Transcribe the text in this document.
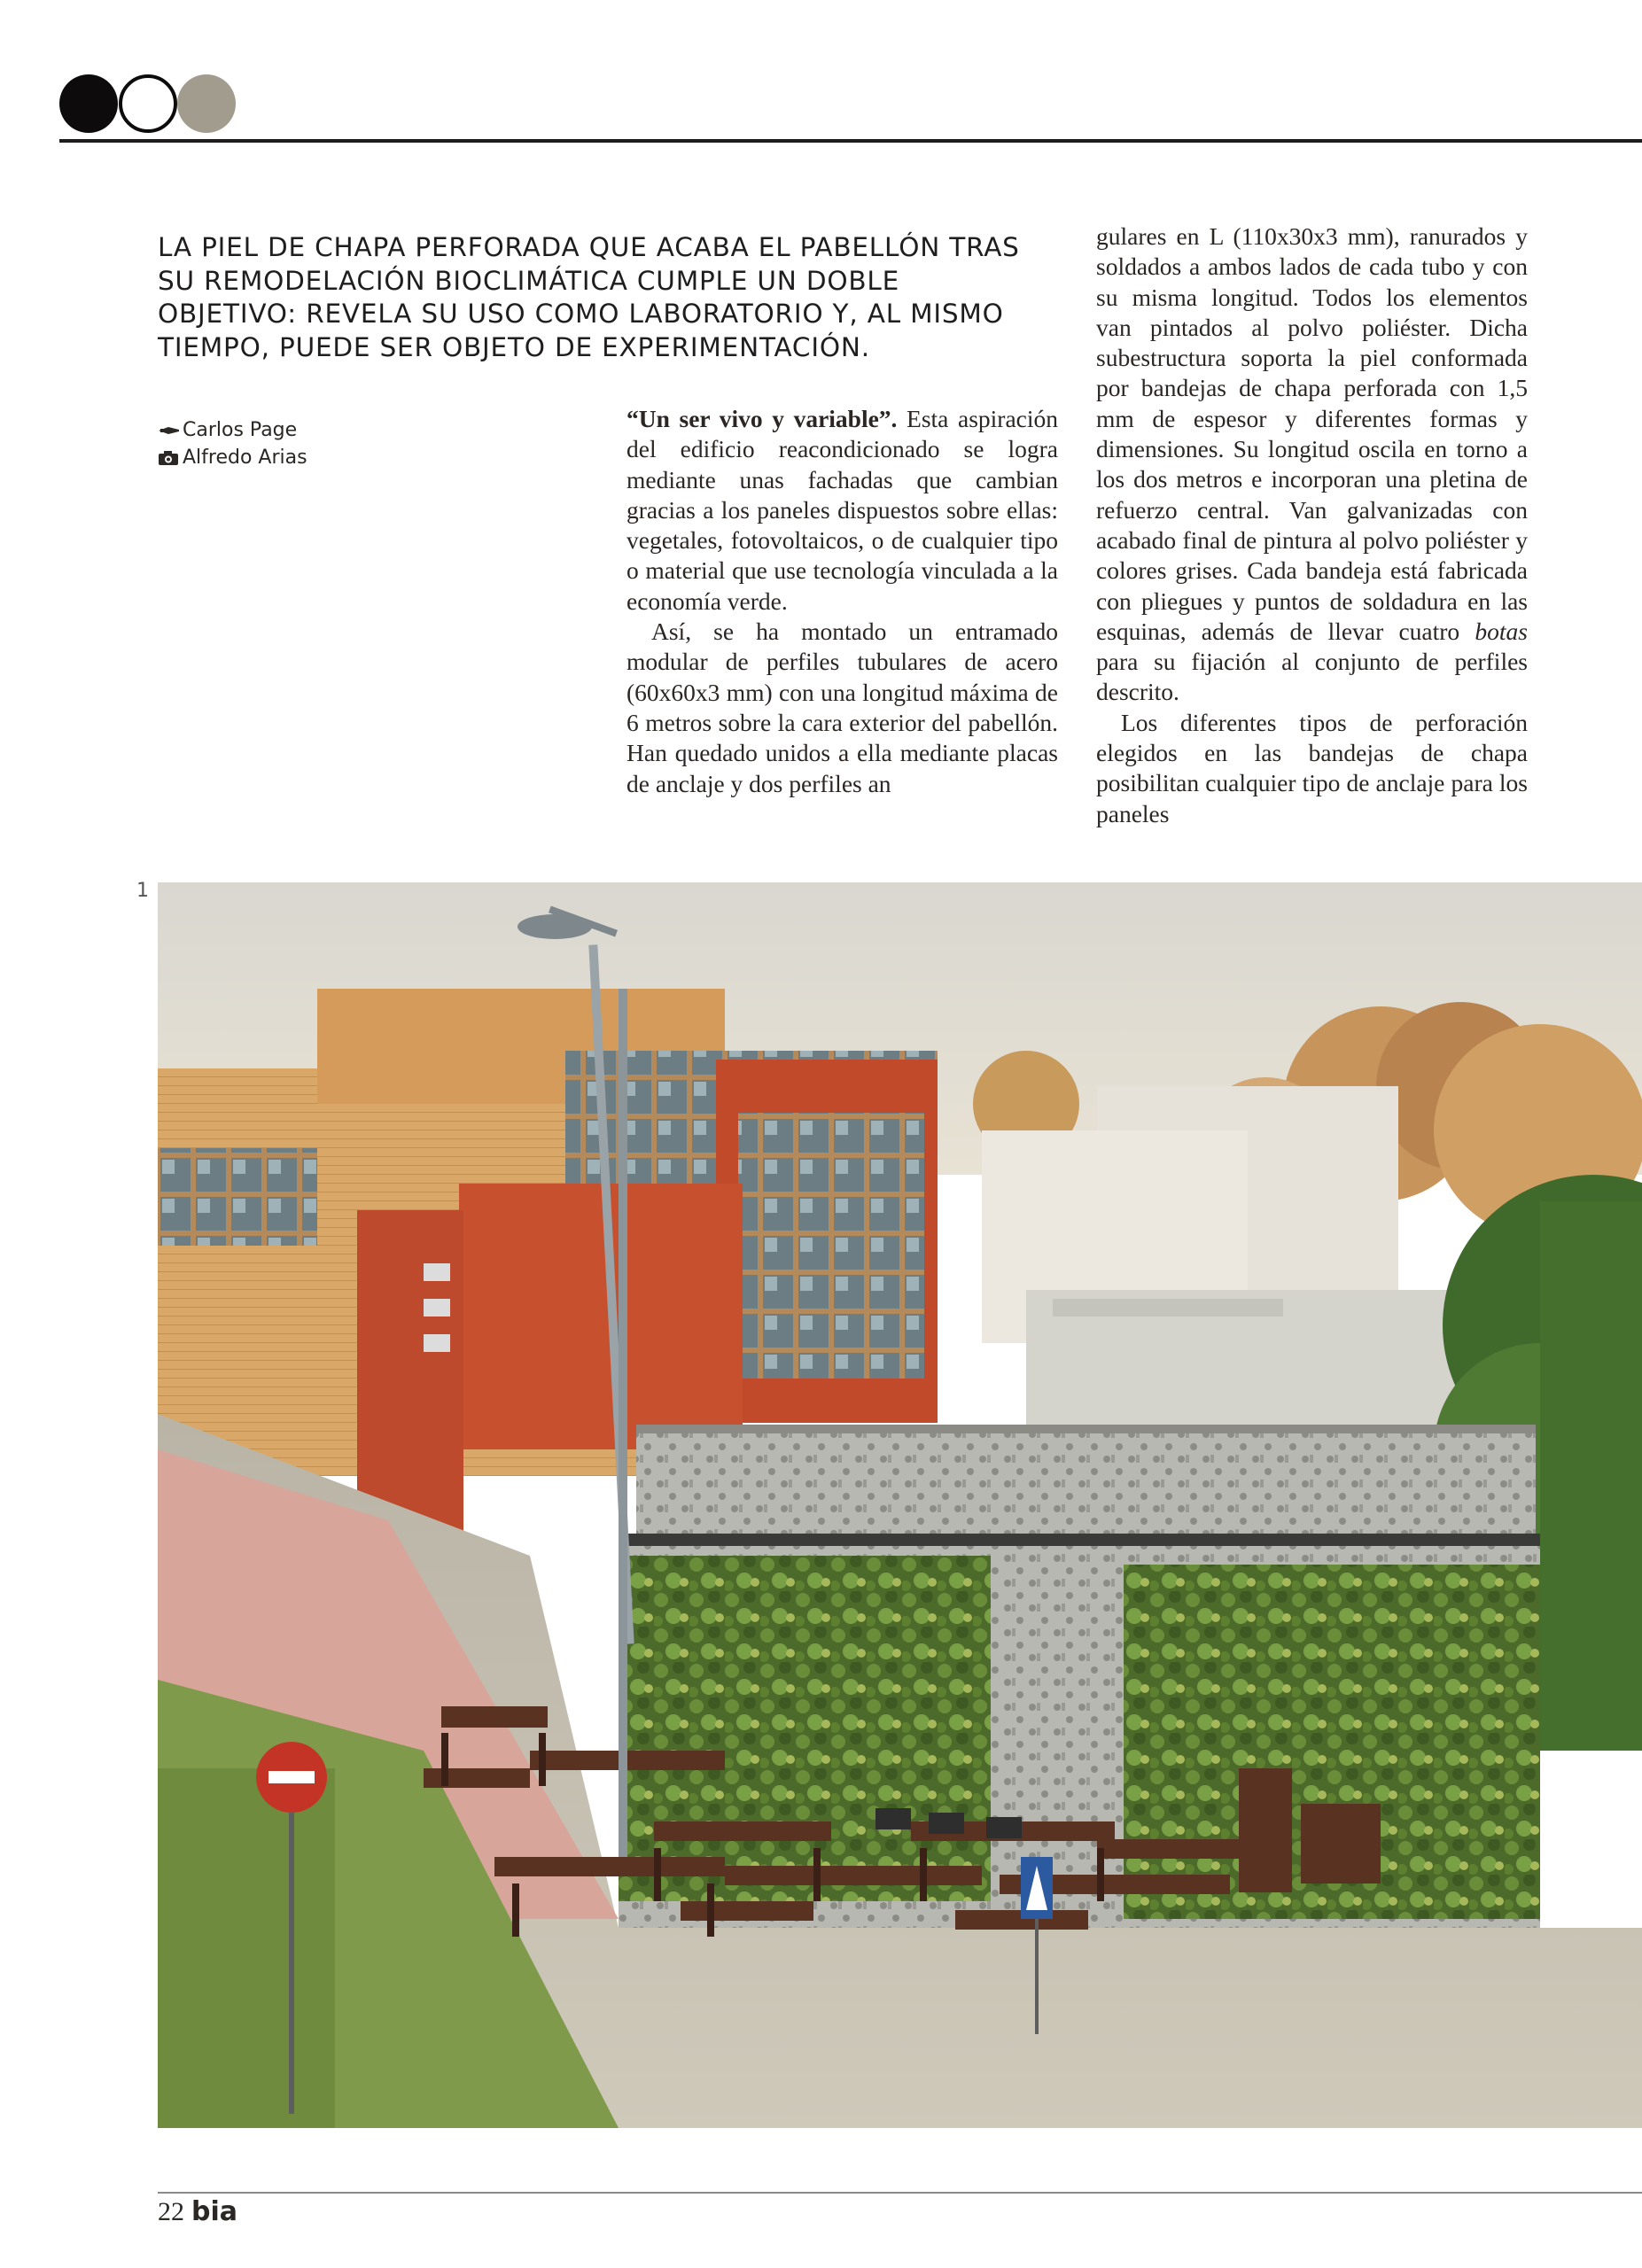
LA PIEL DE CHAPA PERFORADA QUE ACABA EL PABELLÓN TRAS SU REMODELACIÓN BIOCLIMÁTICA CUMPLE UN DOBLE OBJETIVO: REVELA SU USO COMO LABORATORIO Y, AL MISMO TIEMPO, PUEDE SER OBJETO DE EXPERIMENTACIÓN.
Carlos Page
Alfredo Arias

“Un ser vivo y variable”. Esta aspiración del edificio reacondicionado se logra mediante unas fachadas que cambian gracias a los paneles dispuestos sobre ellas: vegetales, fotovoltaicos, o de cualquier tipo o material que use tecnología vinculada a la economía verde.

Así, se ha montado un entramado modular de perfiles tubulares de acero (60x60x3 mm) con una longitud máxima de 6 metros sobre la cara exterior del pabellón. Han quedado unidos a ella mediante placas de anclaje y dos perfiles an

gulares en L (110x30x3 mm), ranurados y soldados a ambos lados de cada tubo y con su misma longitud. Todos los elementos van pintados al polvo poliéster. Dicha subestructura soporta la piel conformada por bandejas de chapa perforada con 1,5 mm de espesor y diferentes formas y dimensiones. Su longitud oscila en torno a los dos metros e incorporan una pletina de refuerzo central. Van galvanizadas con acabado final de pintura al polvo poliéster y colores grises. Cada bandeja está fabricada con pliegues y puntos de soldadura en las esquinas, además de llevar cuatro botas para su fijación al conjunto de perfiles descrito.

Los diferentes tipos de perforación elegidos en las bandejas de chapa posibilitan cualquier tipo de anclaje para los paneles

1
22 bia
